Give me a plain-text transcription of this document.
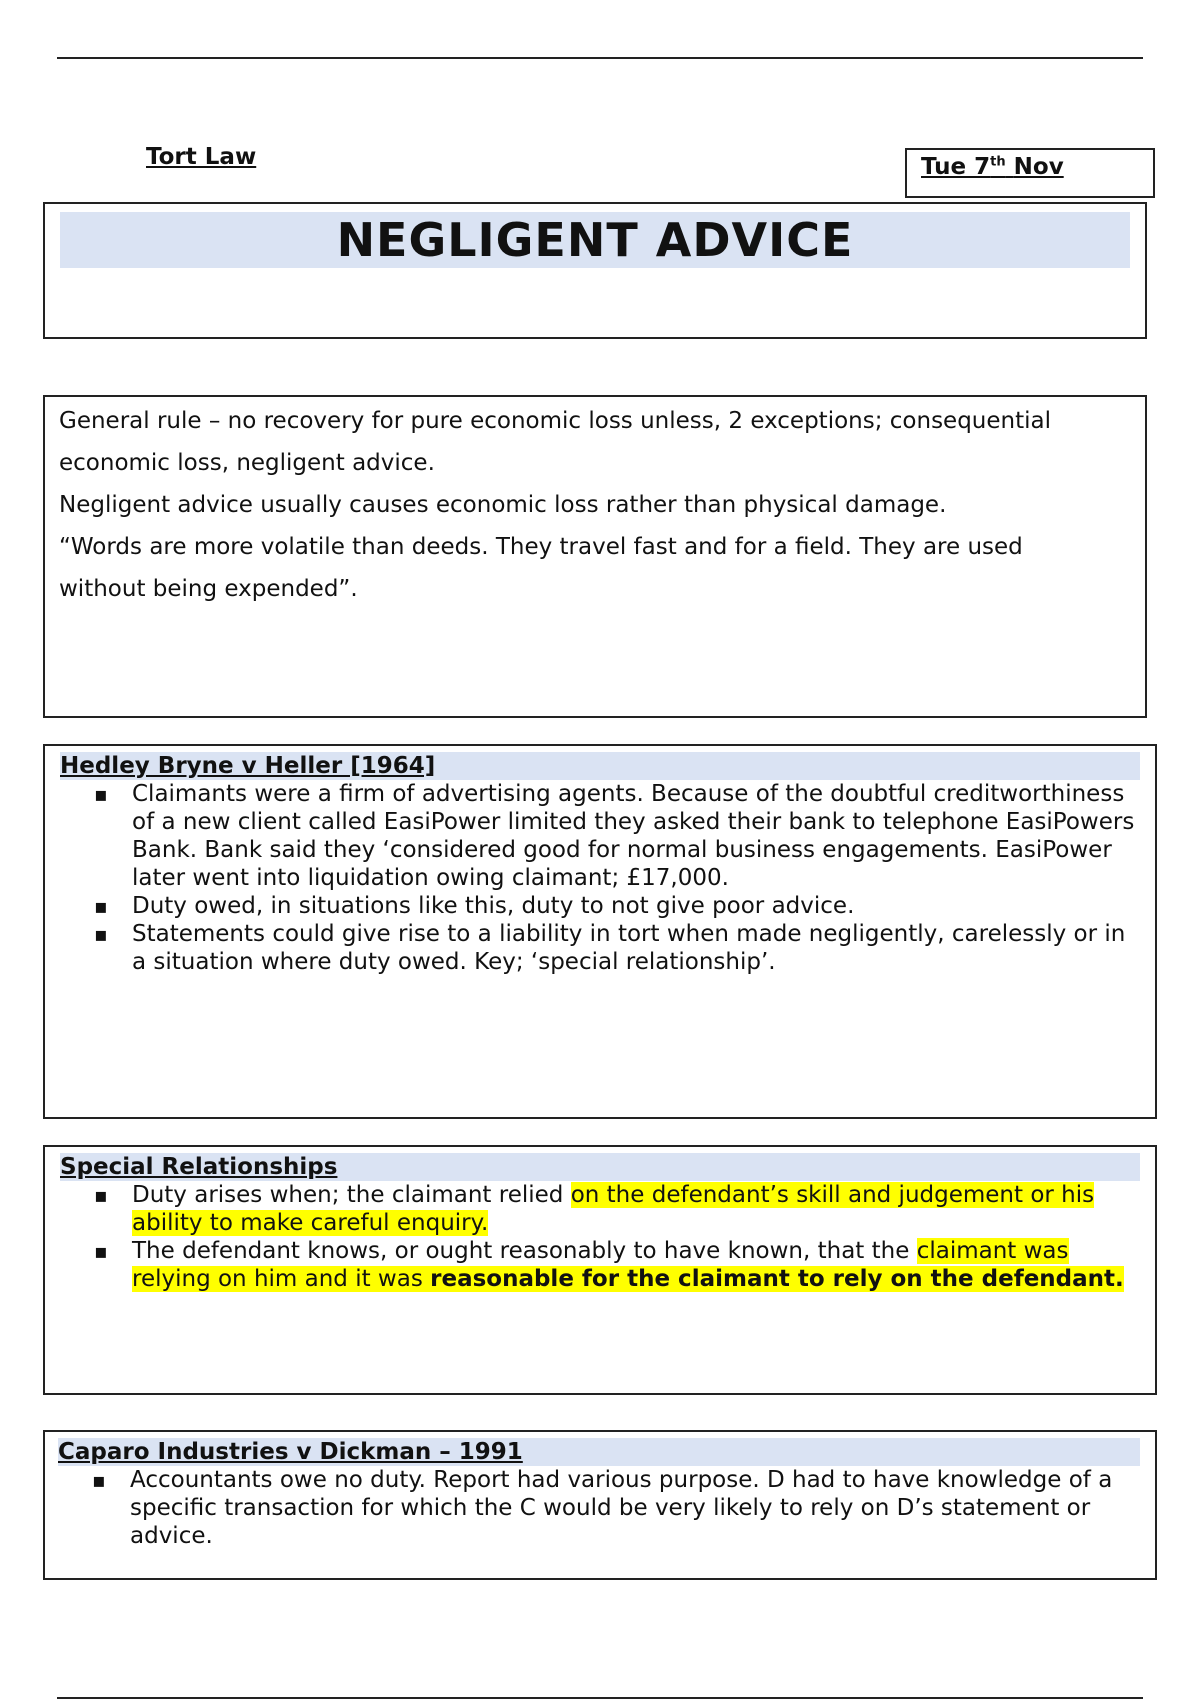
Tort Law	Tue 7th Nov
NEGLIGENT ADVICE

General rule – no recovery for pure economic loss unless, 2 exceptions; consequential

economic loss, negligent advice.

Negligent advice usually causes economic loss rather than physical damage.

“Words are more volatile than deeds. They travel fast and for a field. They are used

without being expended”.

Hedley Bryne v Heller [1964]
▪ Claimants were a firm of advertising agents. Because of the doubtful creditworthiness of a new client called EasiPower limited they asked their bank to telephone EasiPowers Bank. Bank said they ‘considered good for normal business engagements. EasiPower later went into liquidation owing claimant; £17,000.
▪ Duty owed, in situations like this, duty to not give poor advice.
▪ Statements could give rise to a liability in tort when made negligently, carelessly or in a situation where duty owed. Key; ‘special relationship’.
Special Relationships
▪ Duty arises when; the claimant relied on the defendant’s skill and judgement or his ability to make careful enquiry.
▪ The defendant knows, or ought reasonably to have known, that the claimant was relying on him and it was reasonable for the claimant to rely on the defendant.
Caparo Industries v Dickman – 1991
▪ Accountants owe no duty. Report had various purpose. D had to have knowledge of a specific transaction for which the C would be very likely to rely on D’s statement or advice.
